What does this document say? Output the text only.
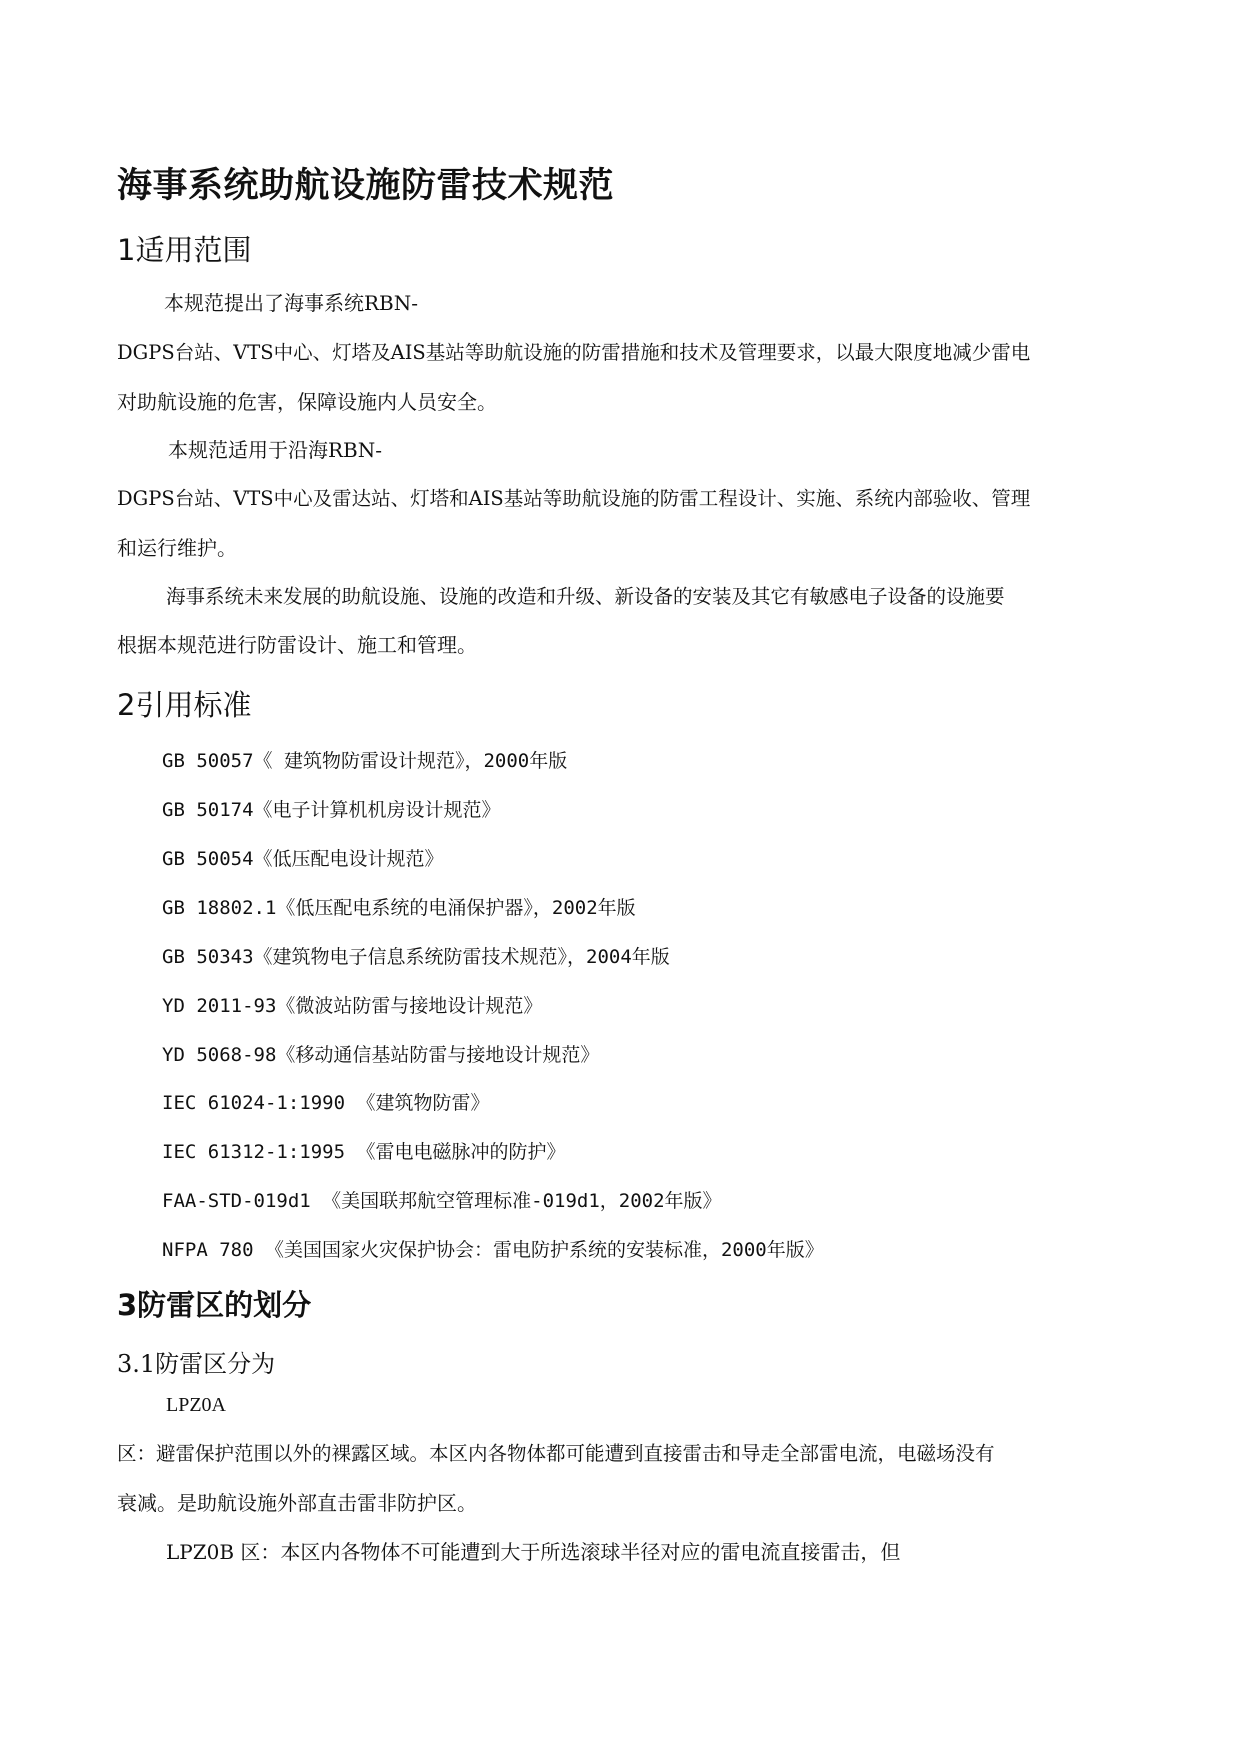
海事系统助航设施防雷技术规范
1适用范围
本规范提出了海事系统RBN-
DGPS台站、VTS中心、灯塔及AIS基站等助航设施的防雷措施和技术及管理要求，以最大限度地减少雷电
对助航设施的危害，保障设施内人员安全。
本规范适用于沿海RBN-
DGPS台站、VTS中心及雷达站、灯塔和AIS基站等助航设施的防雷工程设计、实施、系统内部验收、管理
和运行维护。
海事系统未来发展的助航设施、设施的改造和升级、新设备的安装及其它有敏感电子设备的设施要
根据本规范进行防雷设计、施工和管理。
2引用标准
GB 50057《 建筑物防雷设计规范》，2000年版
GB 50174《电子计算机机房设计规范》
GB 50054《低压配电设计规范》
GB 18802.1《低压配电系统的电涌保护器》，2002年版
GB 50343《建筑物电子信息系统防雷技术规范》，2004年版
YD 2011-93《微波站防雷与接地设计规范》
YD 5068-98《移动通信基站防雷与接地设计规范》
IEC 61024-1:1990 《建筑物防雷》
IEC 61312-1:1995 《雷电电磁脉冲的防护》
FAA-STD-019d1 《美国联邦航空管理标准-019d1，2002年版》
NFPA 780 《美国国家火灾保护协会：雷电防护系统的安装标准，2000年版》
3防雷区的划分
3.1防雷区分为
LPZ0A
区：避雷保护范围以外的裸露区域。本区内各物体都可能遭到直接雷击和导走全部雷电流，电磁场没有
衰减。是助航设施外部直击雷非防护区。
LPZ0B 区：本区内各物体不可能遭到大于所选滚球半径对应的雷电流直接雷击，但
